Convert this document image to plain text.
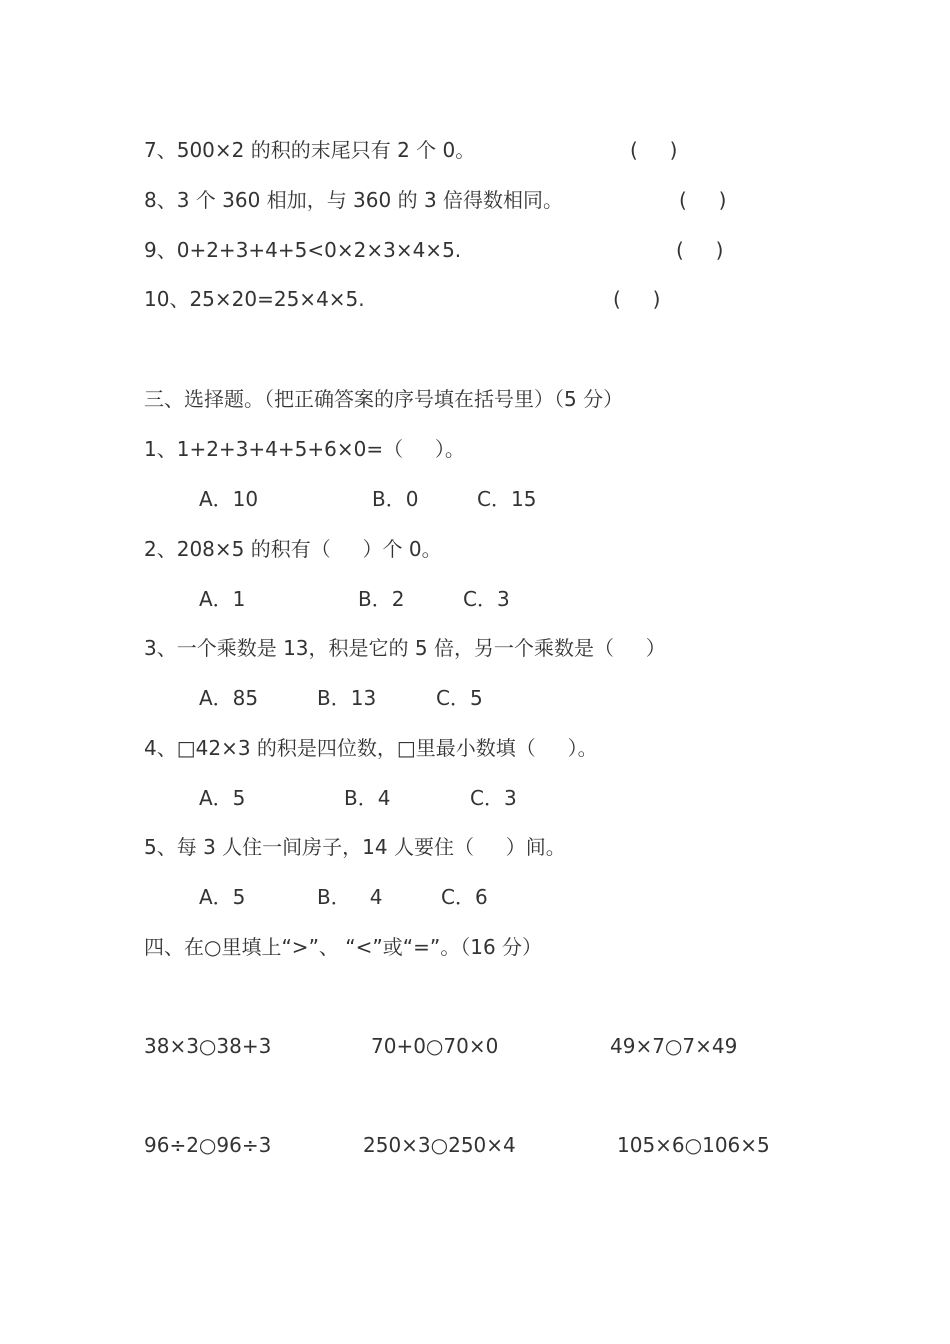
7、500×2 的积的末尾只有 2 个 0。	(     )
8、3 个 360 相加，与 360 的 3 倍得数相同。	(     )
9、0+2+3+4+5<0×2×3×4×5.	(     )
10、25×20=25×4×5.	(     )
三、选择题。（把正确答案的序号填在括号里）（5 分）
1、1+2+3+4+5+6×0=（     ）。
A．10	B．0	C．15
2、208×5 的积有（     ）个 0。
A．1	B．2	C．3
3、一个乘数是 13，积是它的 5 倍，另一个乘数是（     ）
A．85	B．13	C．5
4、□42×3 的积是四位数，□里最小数填（     ）。
A．5	B．4	C．3
5、每 3 人住一间房子，14 人要住（     ）间。
A．5	B．   4	C．6
四、在○里填上“>”、 “<”或“=”。（16 分）
38×3○38+3	70+0○70×0	49×7○7×49
96÷2○96÷3	250×3○250×4	105×6○106×5
